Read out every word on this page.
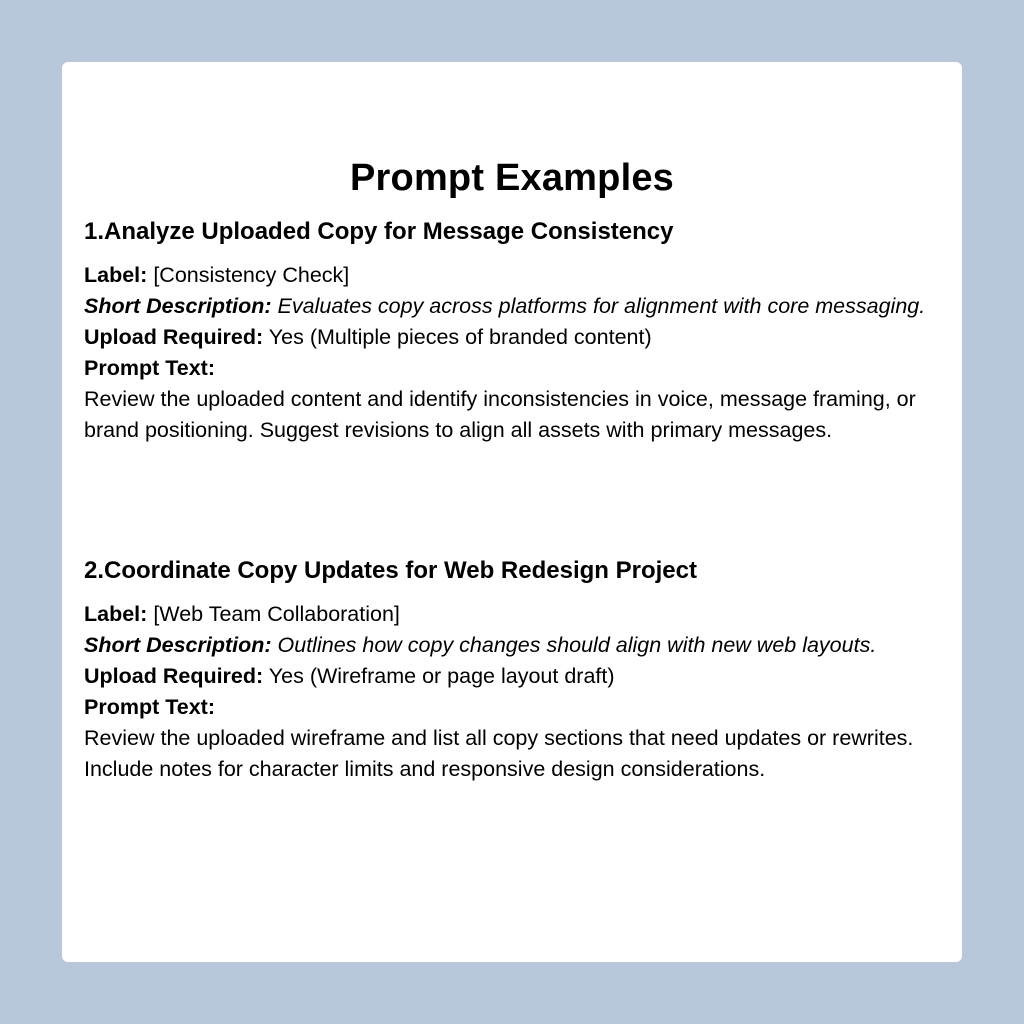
Prompt Examples
1.Analyze Uploaded Copy for Message Consistency
Label: [Consistency Check]
Short Description: Evaluates copy across platforms for alignment with core messaging.
Upload Required: Yes (Multiple pieces of branded content)
Prompt Text:
Review the uploaded content and identify inconsistencies in voice, message framing, or brand positioning. Suggest revisions to align all assets with primary messages.
2.Coordinate Copy Updates for Web Redesign Project
Label: [Web Team Collaboration]
Short Description: Outlines how copy changes should align with new web layouts.
Upload Required: Yes (Wireframe or page layout draft)
Prompt Text:
Review the uploaded wireframe and list all copy sections that need updates or rewrites. Include notes for character limits and responsive design considerations.
